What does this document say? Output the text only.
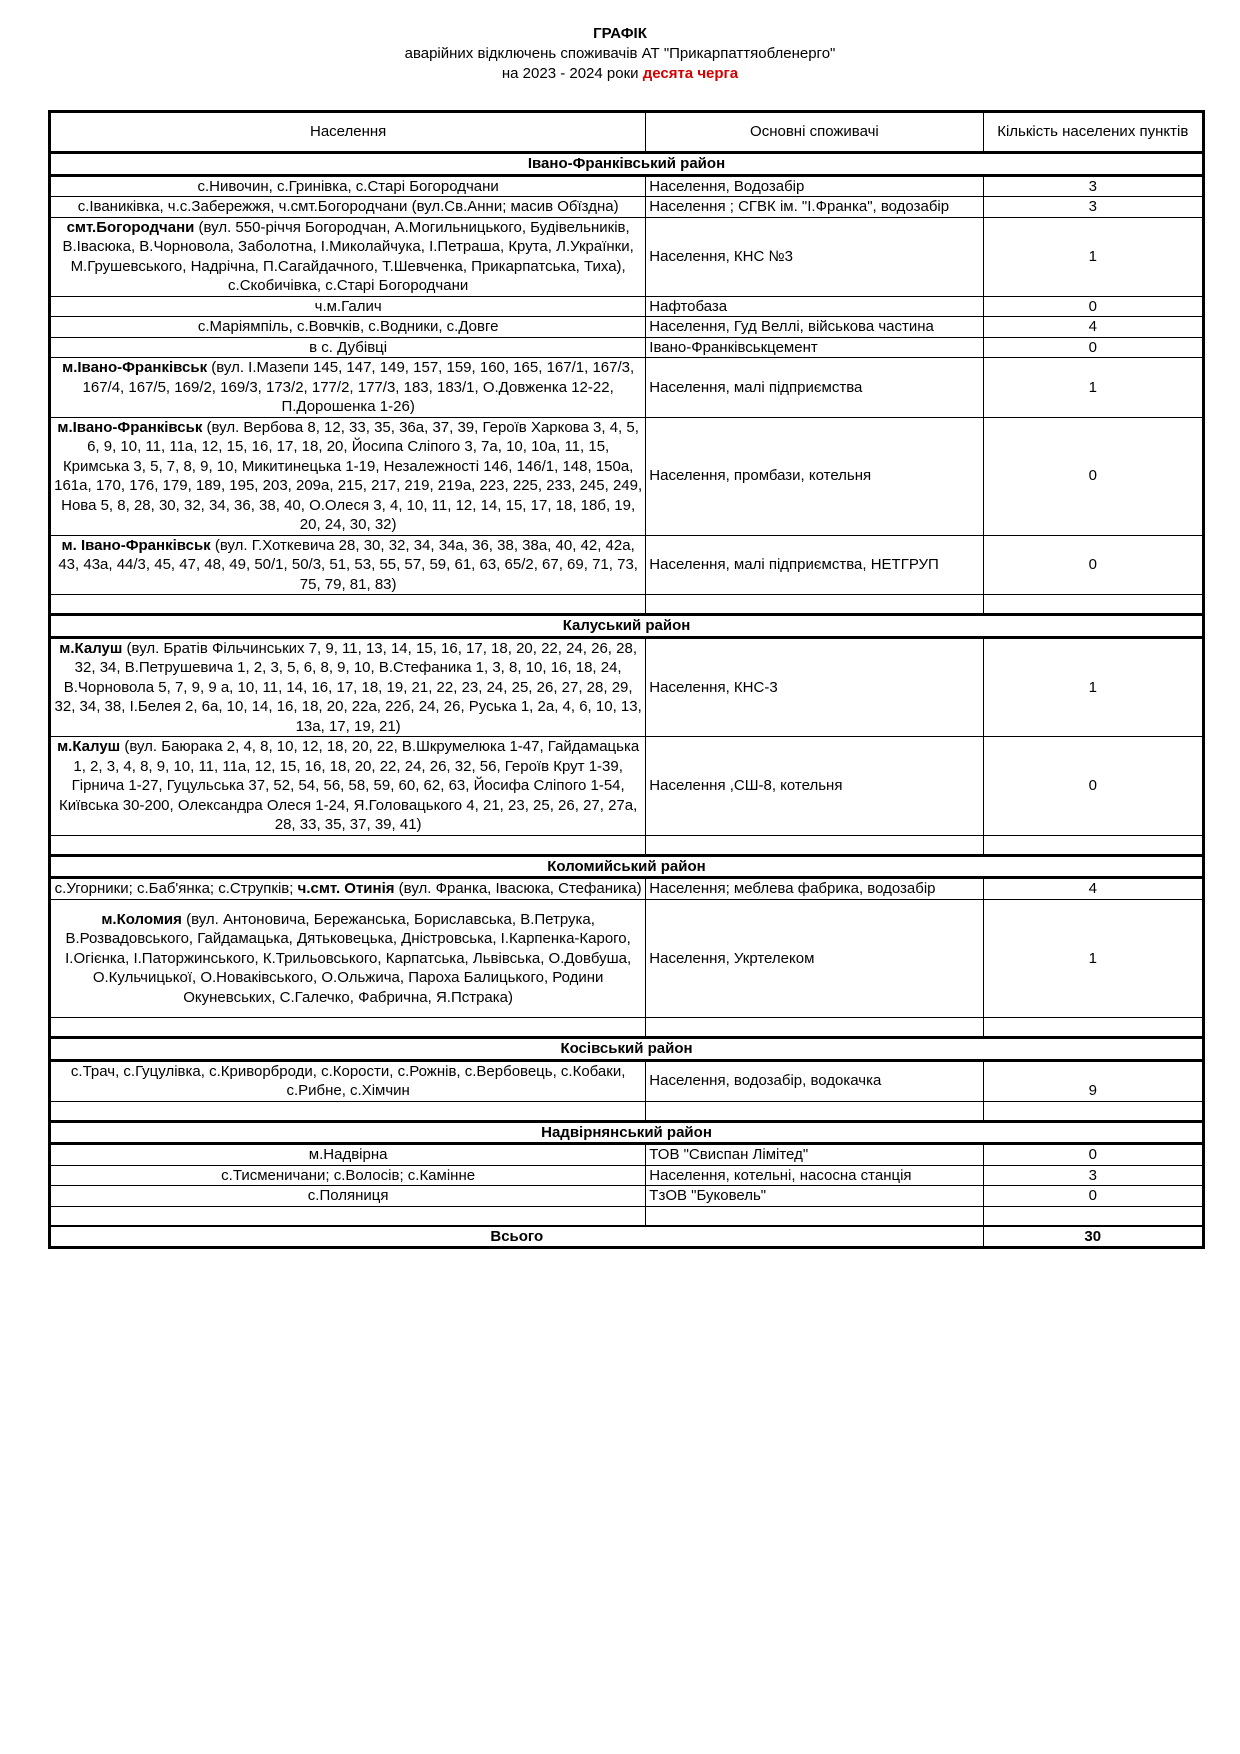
ГРАФІК
аварійних відключень споживачів АТ "Прикарпаттяобленерго"
на 2023 - 2024 роки десята черга
Населення	Основні споживачі	Кількість населених пунктів
Івано-Франківський район		
с.Нивочин, с.Гринівка, с.Старі Богородчани	Населення, Водозабір	3
с.Іваниківка, ч.с.Забережжя, ч.смт.Богородчани (вул.Св.Анни; масив Обїздна)	Населення ; СГВК ім. "І.Франка", водозабір	3
смт.Богородчани (вул. 550-річчя Богородчан, А.Могильницького, Будівельників, В.Івасюка, В.Чорновола, Заболотна, І.Миколайчука, І.Петраша, Крута, Л.Українки, М.Грушевського, Надрічна, П.Сагайдачного, Т.Шевченка, Прикарпатська, Тиха), с.Скобичівка, с.Старі Богородчани	Населення, КНС №3	1
ч.м.Галич	Нафтобаза	0
с.Маріямпіль, с.Вовчків, с.Водники, с.Довге	Населення, Гуд Веллі, військова частина	4
в с. Дубівці	Івано-Франківськцемент	0
м.Івано-Франківськ (вул. І.Мазепи 145, 147, 149, 157, 159, 160, 165, 167/1, 167/3, 167/4, 167/5, 169/2, 169/3, 173/2, 177/2, 177/3, 183, 183/1, О.Довженка 12-22, П.Дорошенка 1-26)	Населення, малі підприємства	1
м.Івано-Франківськ (вул. Вербова 8, 12, 33, 35, 36а, 37, 39, Героїв Харкова 3, 4, 5, 6, 9, 10, 11, 11а, 12, 15, 16, 17, 18, 20, Йосипа Сліпого 3, 7а, 10, 10а, 11, 15, Кримська 3, 5, 7, 8, 9, 10, Микитинецька 1-19, Незалежності 146, 146/1, 148, 150а, 161а, 170, 176, 179, 189, 195, 203, 209а, 215, 217, 219, 219а, 223, 225, 233, 245, 249, Нова 5, 8, 28, 30, 32, 34, 36, 38, 40, О.Олеся 3, 4, 10, 11, 12, 14, 15, 17, 18, 18б, 19, 20, 24, 30, 32)	Населення, промбази, котельня	0
м. Івано-Франківськ (вул. Г.Хоткевича 28, 30, 32, 34, 34а, 36, 38, 38а, 40, 42, 42а, 43, 43а, 44/3, 45, 47, 48, 49, 50/1, 50/3, 51, 53, 55, 57, 59, 61, 63, 65/2, 67, 69, 71, 73, 75, 79, 81, 83)	Населення, малі підприємства, НЕТГРУП	0

Калуський район		
м.Калуш (вул. Братів Фільчинських 7, 9, 11, 13, 14, 15, 16, 17, 18, 20, 22, 24, 26, 28, 32, 34, В.Петрушевича 1, 2, 3, 5, 6, 8, 9, 10, В.Стефаника 1, 3, 8, 10, 16, 18, 24, В.Чорновола 5, 7, 9, 9 а, 10, 11, 14, 16, 17, 18, 19, 21, 22, 23, 24, 25, 26, 27, 28, 29, 32, 34, 38, І.Белея 2, 6а, 10, 14, 16, 18, 20, 22а, 22б, 24, 26, Руська 1, 2а, 4, 6, 10, 13, 13а, 17, 19, 21)	Населення, КНС-3	1
м.Калуш (вул. Баюрака 2, 4, 8, 10, 12, 18, 20, 22, В.Шкрумелюка 1-47, Гайдамацька 1, 2, 3, 4, 8, 9, 10, 11, 11а, 12, 15, 16, 18, 20, 22, 24, 26, 32, 56, Героїв Крут 1-39, Гірнича 1-27, Гуцульська 37, 52, 54, 56, 58, 59, 60, 62, 63, Йосифа Сліпого 1-54, Київська 30-200, Олександра Олеся 1-24, Я.Головацького 4, 21, 23, 25, 26, 27, 27а, 28, 33, 35, 37, 39, 41)	Населення ,СШ-8, котельня	0

Коломийський район		
с.Угорники; с.Баб'янка; с.Струпків; ч.смт. Отинія (вул. Франка, Івасюка, Стефаника)	Населення; меблева фабрика, водозабір	4
м.Коломия (вул. Антоновича, Бережанська, Бориславська, В.Петрука, В.Розвадовського, Гайдамацька, Дятьковецька, Дністровська, І.Карпенка-Карого, І.Огієнка, І.Паторжинського, К.Трильовського, Карпатська, Львівська, О.Довбуша, О.Кульчицької, О.Новаківського, О.Ольжича, Пароха Балицького, Родини Окуневських, С.Галечко, Фабрична, Я.Пстрака)	Населення, Укртелеком	1

Косівський район		
с.Трач, с.Гуцулівка, с.Криворброди, с.Короcти, с.Рожнів, с.Вербовець, с.Кобаки, с.Рибне, с.Хімчин	Населення, водозабір, водокачка	9

Надвірнянський район		
м.Надвірна	ТОВ "Свиспан Лімітед"	0
с.Тисменичани; с.Волосів; с.Камінне	Населення, котельні, насосна станція	3
с.Поляниця	ТзОВ "Буковель"	0

Всього		30
